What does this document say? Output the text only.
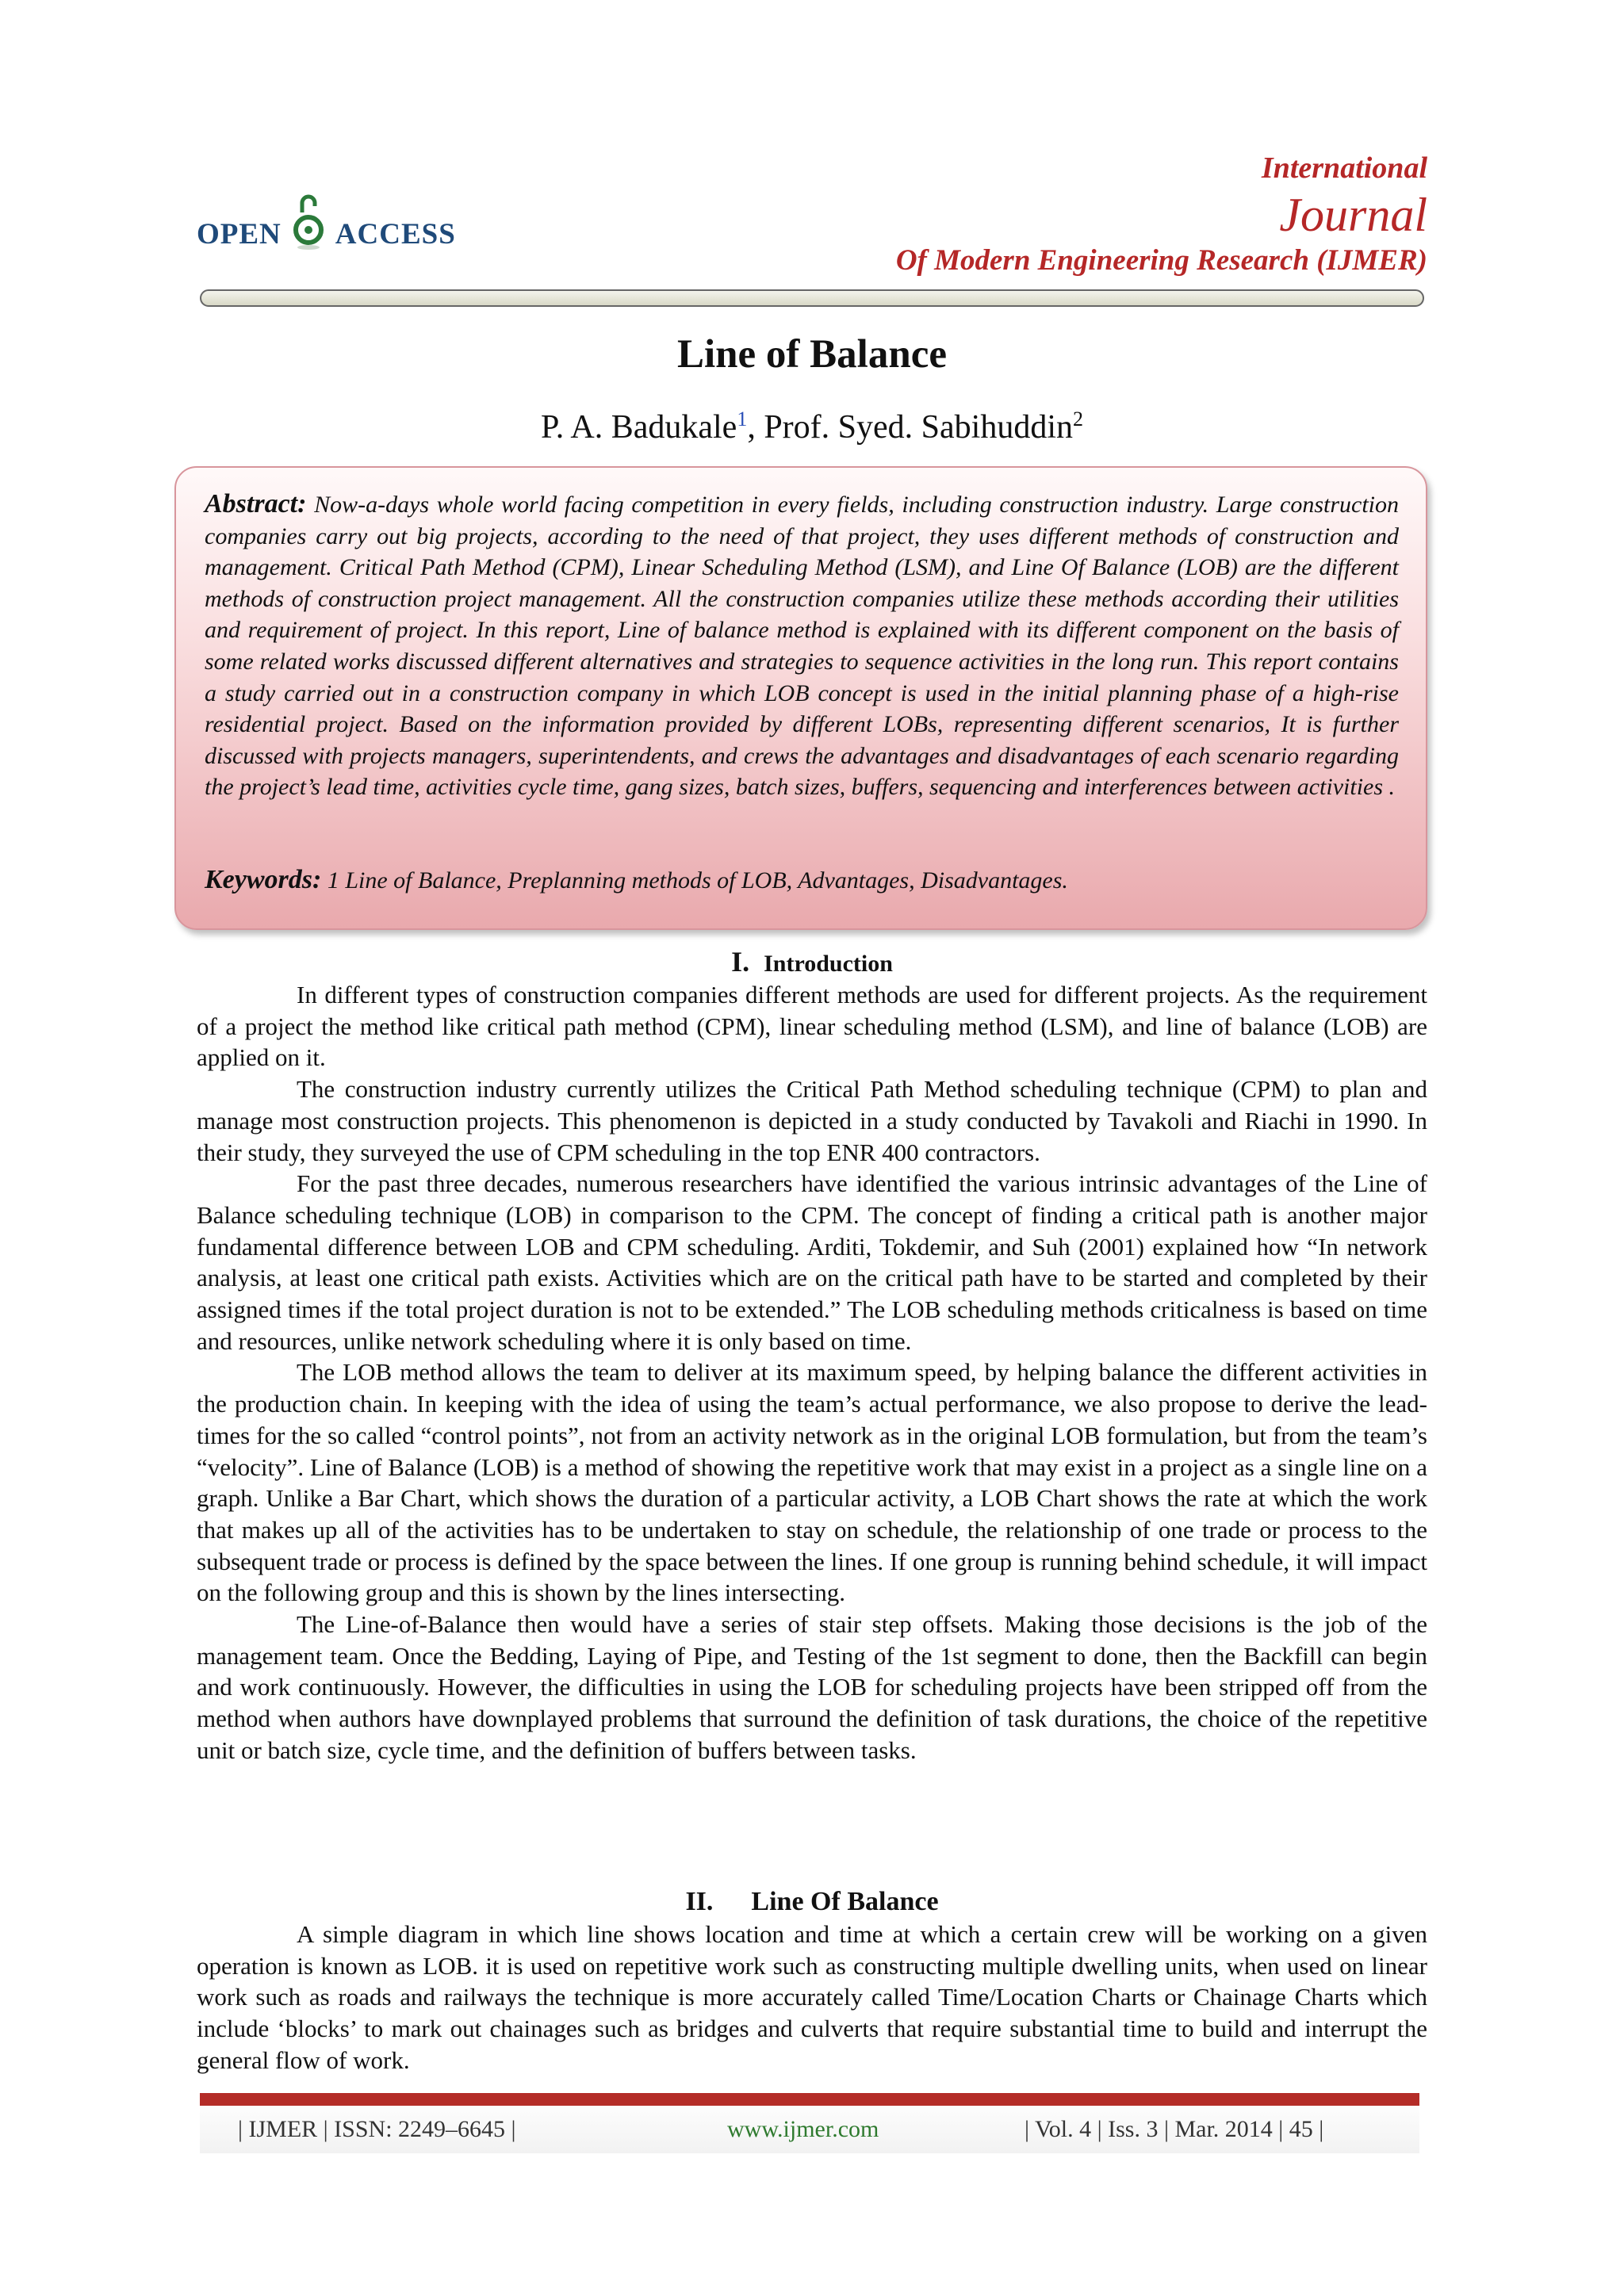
OPEN ACCESS
International
Journal
Of Modern Engineering Research (IJMER)
Line of Balance
P. A. Badukale$^1$, Prof. Syed. Sabihuddin$^2$
Abstract: Now-a-days whole world facing competition in every fields, including construction industry. Large construction companies carry out big projects, according to the need of that project, they uses different methods of construction and management. Critical Path Method (CPM), Linear Scheduling Method (LSM), and Line Of Balance (LOB) are the different methods of construction project management. All the construction companies utilize these methods according their utilities and requirement of project. In this report, Line of balance method is explained with its different component on the basis of some related works discussed different alternatives and strategies to sequence activities in the long run. This report contains a study carried out in a construction company in which LOB concept is used in the initial planning phase of a high-rise residential project. Based on the information provided by different LOBs, representing different scenarios, It is further discussed with projects managers, superintendents, and crews the advantages and disadvantages of each scenario regarding the project’s lead time, activities cycle time, gang sizes, batch sizes, buffers, sequencing and interferences between activities .
Keywords: 1 Line of Balance, Preplanning methods of LOB, Advantages, Disadvantages.
I. Introduction

In different types of construction companies different methods are used for different projects. As the requirement of a project the method like critical path method (CPM), linear scheduling method (LSM), and line of balance (LOB) are applied on it.

The construction industry currently utilizes the Critical Path Method scheduling technique (CPM) to plan and manage most construction projects. This phenomenon is depicted in a study conducted by Tavakoli and Riachi in 1990. In their study, they surveyed the use of CPM scheduling in the top ENR 400 contractors.

For the past three decades, numerous researchers have identified the various intrinsic advantages of the Line of Balance scheduling technique (LOB) in comparison to the CPM. The concept of finding a critical path is another major fundamental difference between LOB and CPM scheduling. Arditi, Tokdemir, and Suh (2001) explained how “In network analysis, at least one critical path exists. Activities which are on the critical path have to be started and completed by their assigned times if the total project duration is not to be extended.” The LOB scheduling methods criticalness is based on time and resources, unlike network scheduling where it is only based on time.

The LOB method allows the team to deliver at its maximum speed, by helping balance the different activities in the production chain. In keeping with the idea of using the team’s actual performance, we also propose to derive the lead-times for the so called “control points”, not from an activity network as in the original LOB formulation, but from the team’s “velocity”. Line of Balance (LOB) is a method of showing the repetitive work that may exist in a project as a single line on a graph. Unlike a Bar Chart, which shows the duration of a particular activity, a LOB Chart shows the rate at which the work that makes up all of the activities has to be undertaken to stay on schedule, the relationship of one trade or process to the subsequent trade or process is defined by the space between the lines. If one group is running behind schedule, it will impact on the following group and this is shown by the lines intersecting.

The Line-of-Balance then would have a series of stair step offsets. Making those decisions is the job of the management team. Once the Bedding, Laying of Pipe, and Testing of the 1st segment to done, then the Backfill can begin and work continuously. However, the difficulties in using the LOB for scheduling projects have been stripped off from the method when authors have downplayed problems that surround the definition of task durations, the choice of the repetitive unit or batch size, cycle time, and the definition of buffers between tasks.

II. Line Of Balance

A simple diagram in which line shows location and time at which a certain crew will be working on a given operation is known as LOB. it is used on repetitive work such as constructing multiple dwelling units, when used on linear work such as roads and railways the technique is more accurately called Time/Location Charts or Chainage Charts which include ‘blocks’ to mark out chainages such as bridges and culverts that require substantial time to build and interrupt the general flow of work.

| IJMER | ISSN: 2249–6645 |	www.ijmer.com	| Vol. 4 | Iss. 3 | Mar. 2014 | 45 |
